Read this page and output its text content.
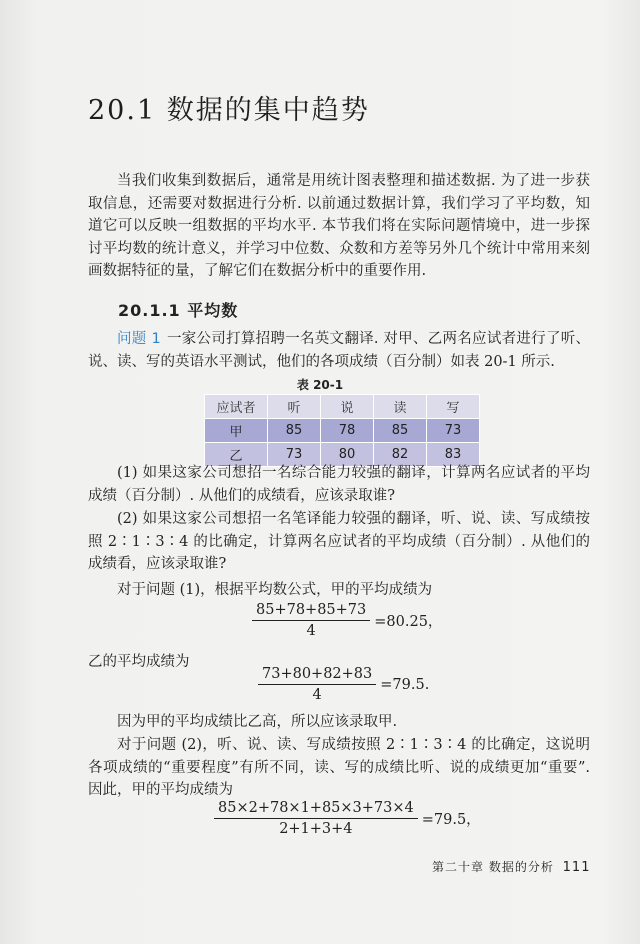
20.1 数据的集中趋势
当我们收集到数据后，通常是用统计图表整理和描述数据. 为了进一步获取信息，还需要对数据进行分析. 以前通过数据计算，我们学习了平均数，知道它可以反映一组数据的平均水平. 本节我们将在实际问题情境中，进一步探讨平均数的统计意义，并学习中位数、众数和方差等另外几个统计中常用来刻画数据特征的量，了解它们在数据分析中的重要作用.
20.1.1 平均数
问题 1 一家公司打算招聘一名英文翻译. 对甲、乙两名应试者进行了听、说、读、写的英语水平测试，他们的各项成绩（百分制）如表 20-1 所示.
表 20-1
应试者	听	说	读	写
甲	85	78	85	73
乙	73	80	82	83
(1) 如果这家公司想招一名综合能力较强的翻译，计算两名应试者的平均成绩（百分制）. 从他们的成绩看，应该录取谁?
(2) 如果这家公司想招一名笔译能力较强的翻译，听、说、读、写成绩按照 2∶1∶3∶4 的比确定，计算两名应试者的平均成绩（百分制）. 从他们的成绩看，应该录取谁?
对于问题 (1)，根据平均数公式，甲的平均成绩为
$\frac{85+78+85+73}{4} =80.25$，
乙的平均成绩为
$\frac{73+80+82+83}{4} =79.5$.
因为甲的平均成绩比乙高，所以应该录取甲.
对于问题 (2)，听、说、读、写成绩按照 2∶1∶3∶4 的比确定，这说明各项成绩的“重要程度”有所不同，读、写的成绩比听、说的成绩更加“重要”. 因此，甲的平均成绩为
$\frac{85\times 2+78\times 1+85\times 3+73\times 4}{2+1+3+4} =79.5$，
第二十章 数据的分析 111
